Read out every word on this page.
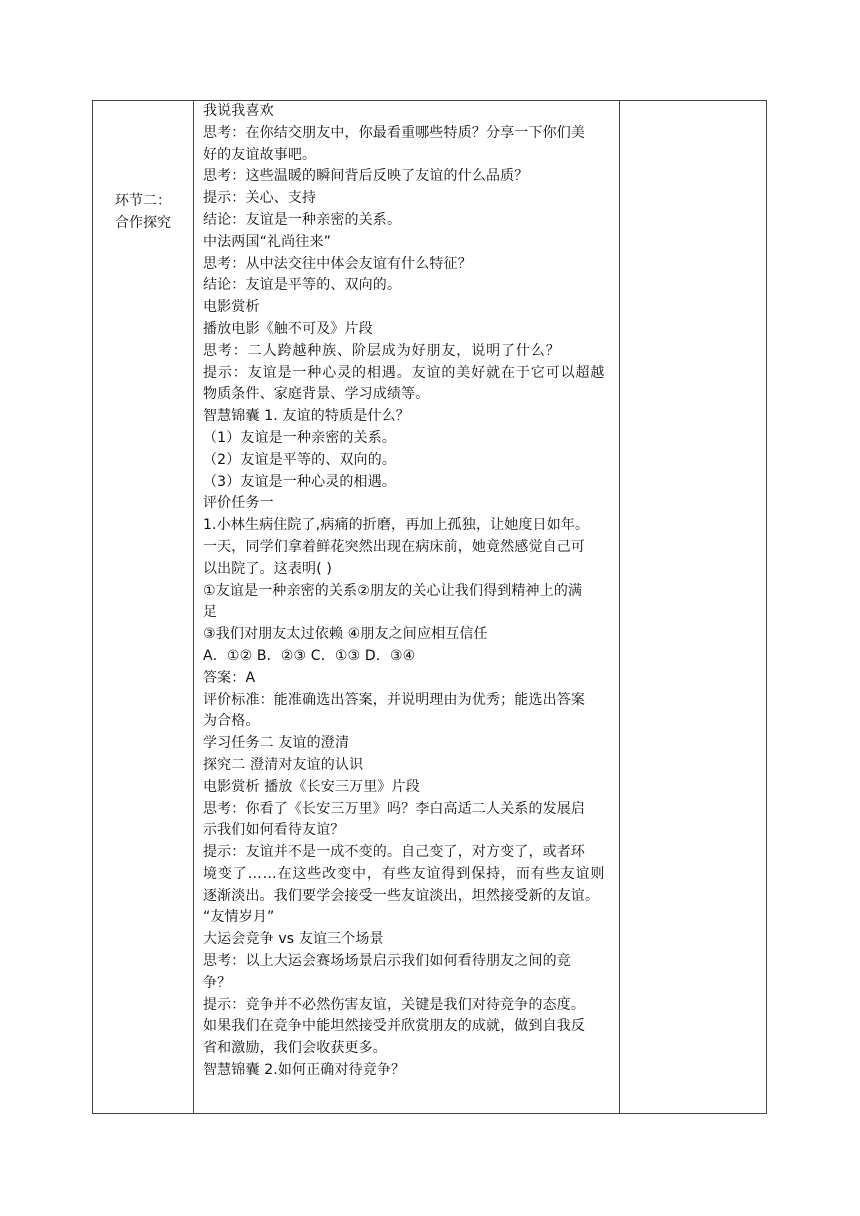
环节二：
合作探究

我说我喜欢
思考：在你结交朋友中，你最看重哪些特质？分享一下你们美
好的友谊故事吧。
思考：这些温暖的瞬间背后反映了友谊的什么品质？
提示：关心、支持
结论：友谊是一种亲密的关系。
中法两国“礼尚往来”
思考：从中法交往中体会友谊有什么特征？
结论：友谊是平等的、双向的。
电影赏析
播放电影《触不可及》片段
思考：二人跨越种族、阶层成为好朋友，说明了什么？
提示：友谊是一种心灵的相遇。友谊的美好就在于它可以超越
物质条件、家庭背景、学习成绩等。
智慧锦囊 1. 友谊的特质是什么？
（1）友谊是一种亲密的关系。
（2）友谊是平等的、双向的。
（3）友谊是一种心灵的相遇。
评价任务一
1.小林生病住院了,病痛的折磨，再加上孤独，让她度日如年。
一天，同学们拿着鲜花突然出现在病床前，她竟然感觉自己可
以出院了。这表明( )
①友谊是一种亲密的关系②朋友的关心让我们得到精神上的满
足
③我们对朋友太过依赖 ④朋友之间应相互信任
A．①② B．②③ C．①③ D．③④
答案：A
评价标准：能准确选出答案，并说明理由为优秀；能选出答案
为合格。
学习任务二 友谊的澄清
探究二 澄清对友谊的认识
电影赏析 播放《长安三万里》片段
思考：你看了《长安三万里》吗？李白高适二人关系的发展启
示我们如何看待友谊？
提示：友谊并不是一成不变的。自己变了，对方变了，或者环
境变了……在这些改变中，有些友谊得到保持，而有些友谊则
逐渐淡出。我们要学会接受一些友谊淡出，坦然接受新的友谊。
“友情岁月”
大运会竞争 vs 友谊三个场景
思考：以上大运会赛场场景启示我们如何看待朋友之间的竞
争？
提示：竞争并不必然伤害友谊，关键是我们对待竞争的态度。
如果我们在竞争中能坦然接受并欣赏朋友的成就，做到自我反
省和激励，我们会收获更多。
智慧锦囊 2.如何正确对待竞争？
